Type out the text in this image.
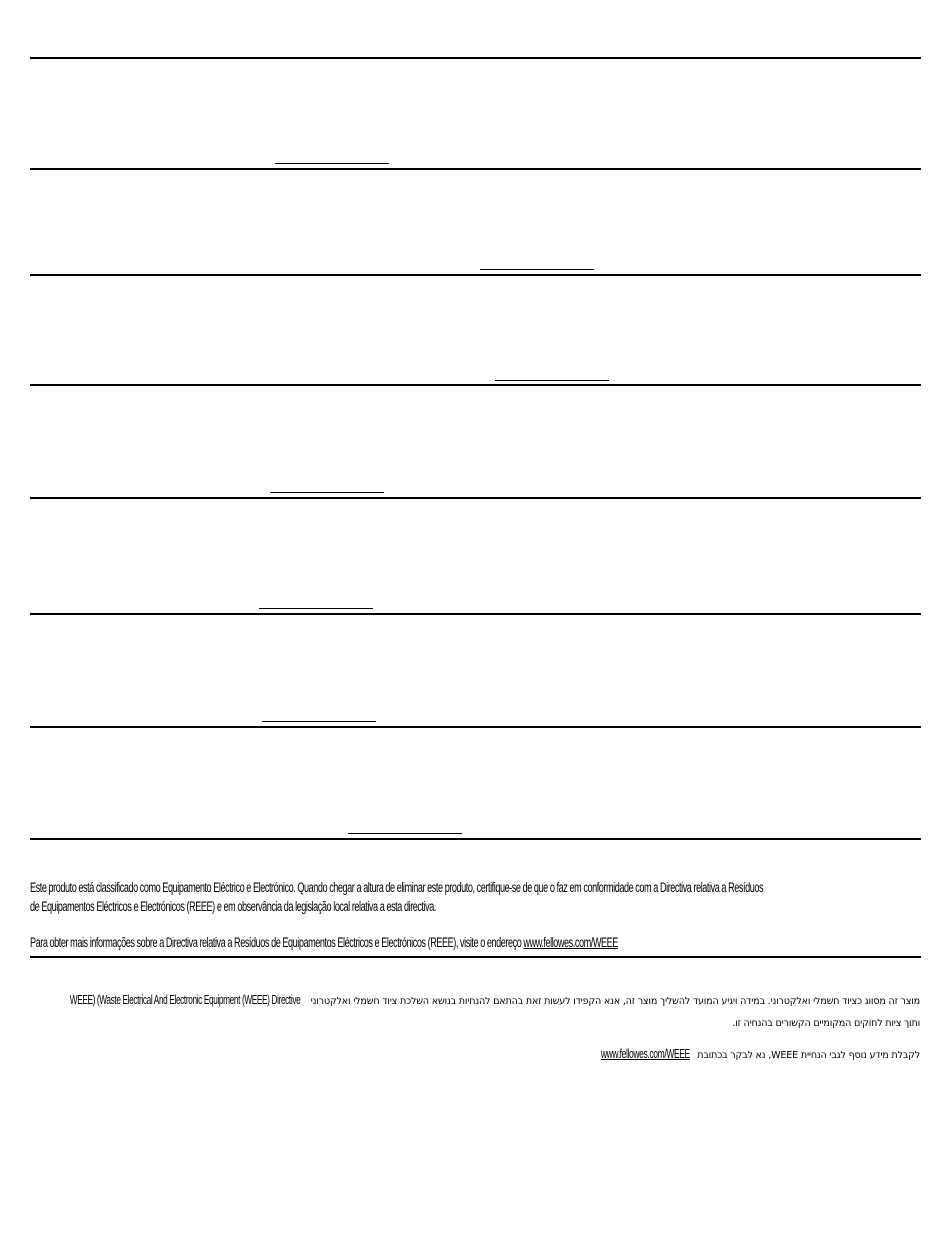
Este produto está classificado como Equipamento Eléctrico e Electrónico. Quando chegar a altura de eliminar este produto, certifique-se de que o faz em conformidade com a Directiva relativa a Resíduos
de Equipamentos Eléctricos e Electrónicos (REEE) e em observância da legislação local relativa a esta directiva.
Para obter mais informações sobre a Directiva relativa a Resíduos de Equipamentos Eléctricos e Electrónicos (REEE), visite o endereço www.fellowes.com/WEEE
מוצר זה מסווג כציוד חשמלי ואלקטרוני. במידה ויגיע המועד להשליך מוצר זה, אנא הקפידו לעשות זאת בהתאם להנחיות בנושא השלכת ציוד חשמלי ואלקטרוני WEEE) (Waste Electrical And Electronic Equipment (WEEE) Directive
ותוך ציות לחוקים המקומיים הקשורים בהנחיה זו.
לקבלת מידע נוסף לגבי הנחיית WEEE, נא לבקר בכתובת www.fellowes.com/WEEE
